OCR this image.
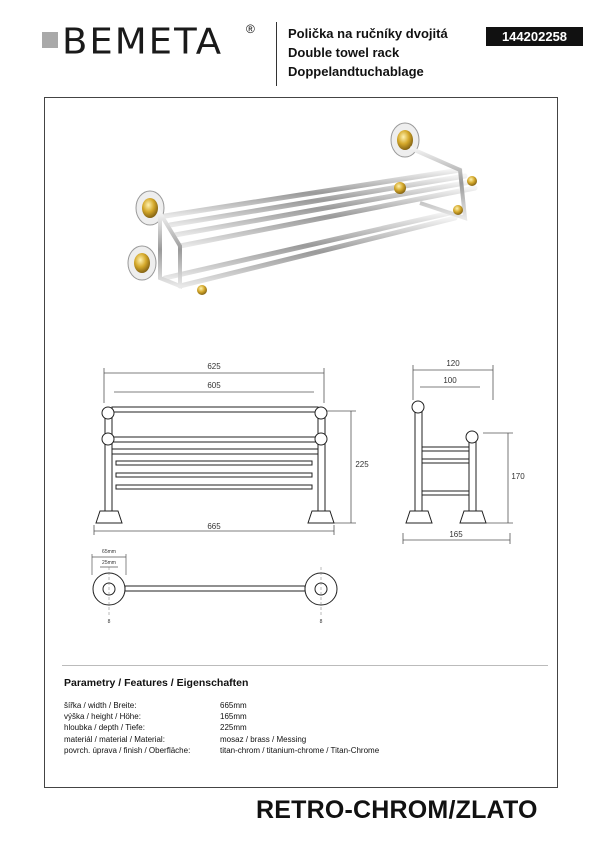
BEMETA ®	Polička na ručníky dvojitá
Double towel rack
Doppelandtuchablage
144202258
625
605
225
665
120
100
170
165
65mm
25mm
8	8
Parametry / Features / Eigenschaften
šířka / width / Breite:	665mm
výška / height / Höhe:	165mm
hloubka / depth / Tiefe:	225mm
materiál / material / Material:	mosaz / brass / Messing
povrch. úprava / finish / Oberfläche:	titan-chrom / titanium-chrome / Titan-Chrome
RETRO-CHROM/ZLATO
